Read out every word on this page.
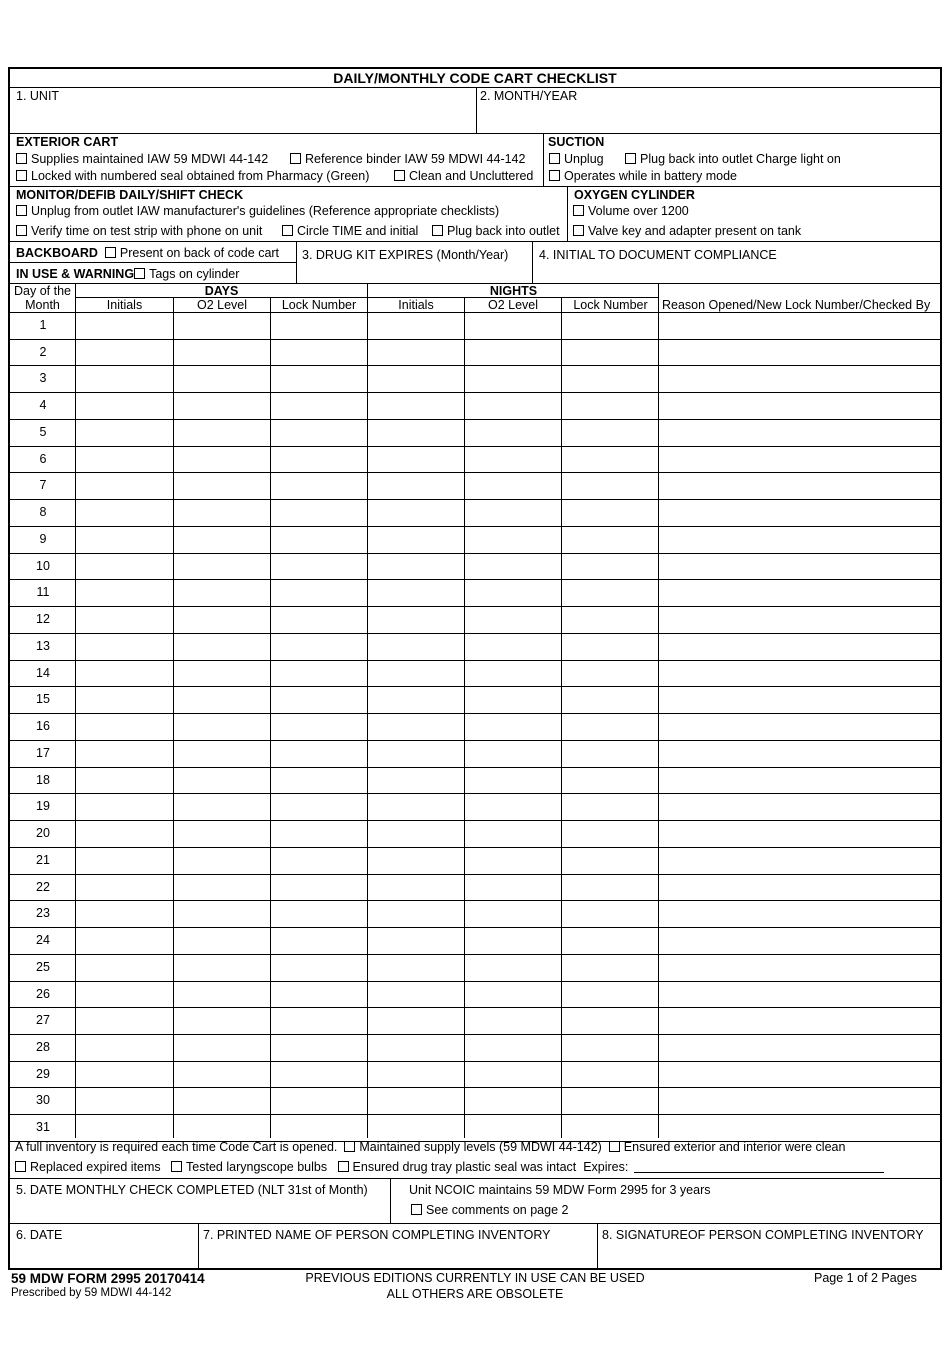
DAILY/MONTHLY CODE CART CHECKLIST
1. UNIT	2. MONTH/YEAR
EXTERIOR CART
Supplies maintained IAW 59 MDWI 44-142	Reference binder IAW 59 MDWI 44-142
Locked with numbered seal obtained from Pharmacy (Green)	Clean and Uncluttered
SUCTION
Unplug	Plug back into outlet Charge light on
Operates while in battery mode
MONITOR/DEFIB DAILY/SHIFT CHECK
Unplug from outlet IAW manufacturer's guidelines (Reference appropriate checklists)
Verify time on test strip with phone on unit	Circle TIME and initial	Plug back into outlet
OXYGEN CYLINDER
Volume over 1200
Valve key and adapter present on tank
BACKBOARD Present on back of code cart 3. DRUG KIT EXPIRES (Month/Year) 4. INITIAL TO DOCUMENT COMPLIANCE
IN USE & WARNING Tags on cylinder
Day of the
Month
DAYS	NIGHTS
Initials	O2 Level	Lock Number	Initials	O2 Level	Lock Number	Reason Opened/New Lock Number/Checked By
1
2
3
4
5
6
7
8
9
10
11
12
13
14
15
16
17
18
19
20
21
22
23
24
25
26
27
28
29
30
31
A full inventory is required each time Code Cart is opened. Maintained supply levels (59 MDWI 44-142) Ensured exterior and interior were clean
Replaced expired items Tested laryngscope bulbs Ensured drug tray plastic seal was intact Expires:
5. DATE MONTHLY CHECK COMPLETED (NLT 31st of Month)	Unit NCOIC maintains 59 MDW Form 2995 for 3 years
See comments on page 2
6. DATE	7. PRINTED NAME OF PERSON COMPLETING INVENTORY	8. SIGNATUREOF PERSON COMPLETING INVENTORY
59 MDW FORM 2995 20170414
Prescribed by 59 MDWI 44-142
PREVIOUS EDITIONS CURRENTLY IN USE CAN BE USED
ALL OTHERS ARE OBSOLETE
Page 1 of 2 Pages
